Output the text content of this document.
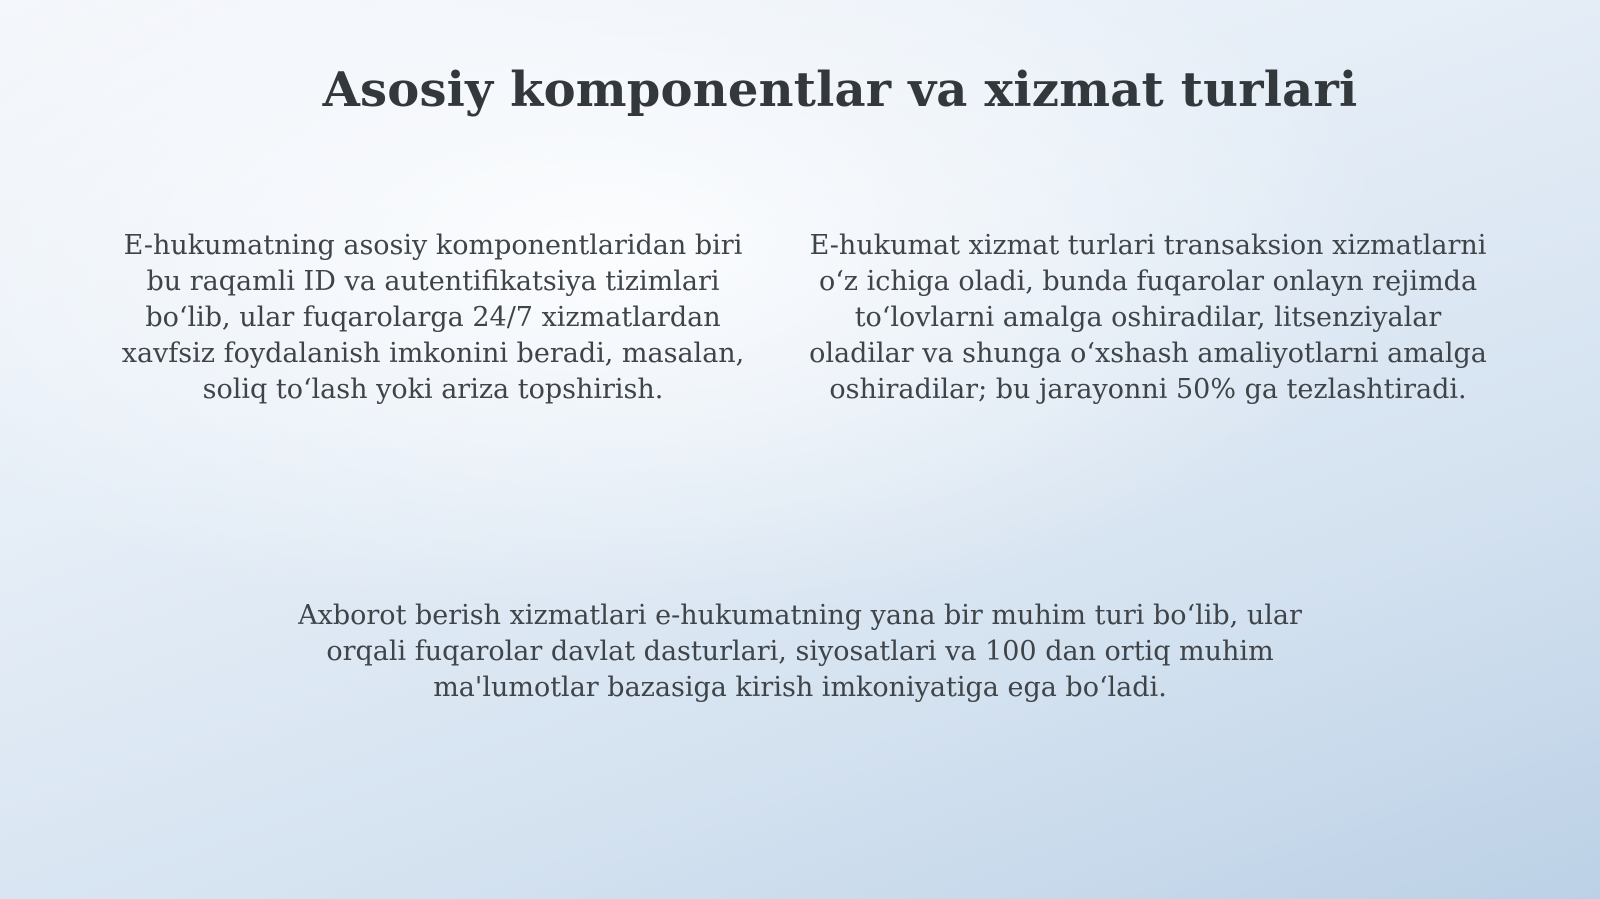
Asosiy komponentlar va xizmat turlari

E-hukumatning asosiy komponentlaridan biri bu raqamli ID va autentifikatsiya tizimlari bo‘lib, ular fuqarolarga 24/7 xizmatlardan xavfsiz foydalanish imkonini beradi, masalan, soliq to‘lash yoki ariza topshirish.

E-hukumat xizmat turlari transaksion xizmatlarni o‘z ichiga oladi, bunda fuqarolar onlayn rejimda to‘lovlarni amalga oshiradilar, litsenziyalar oladilar va shunga o‘xshash amaliyotlarni amalga oshiradilar; bu jarayonni 50% ga tezlashtiradi.

Axborot berish xizmatlari e-hukumatning yana bir muhim turi bo‘lib, ular orqali fuqarolar davlat dasturlari, siyosatlari va 100 dan ortiq muhim ma'lumotlar bazasiga kirish imkoniyatiga ega bo‘ladi.
